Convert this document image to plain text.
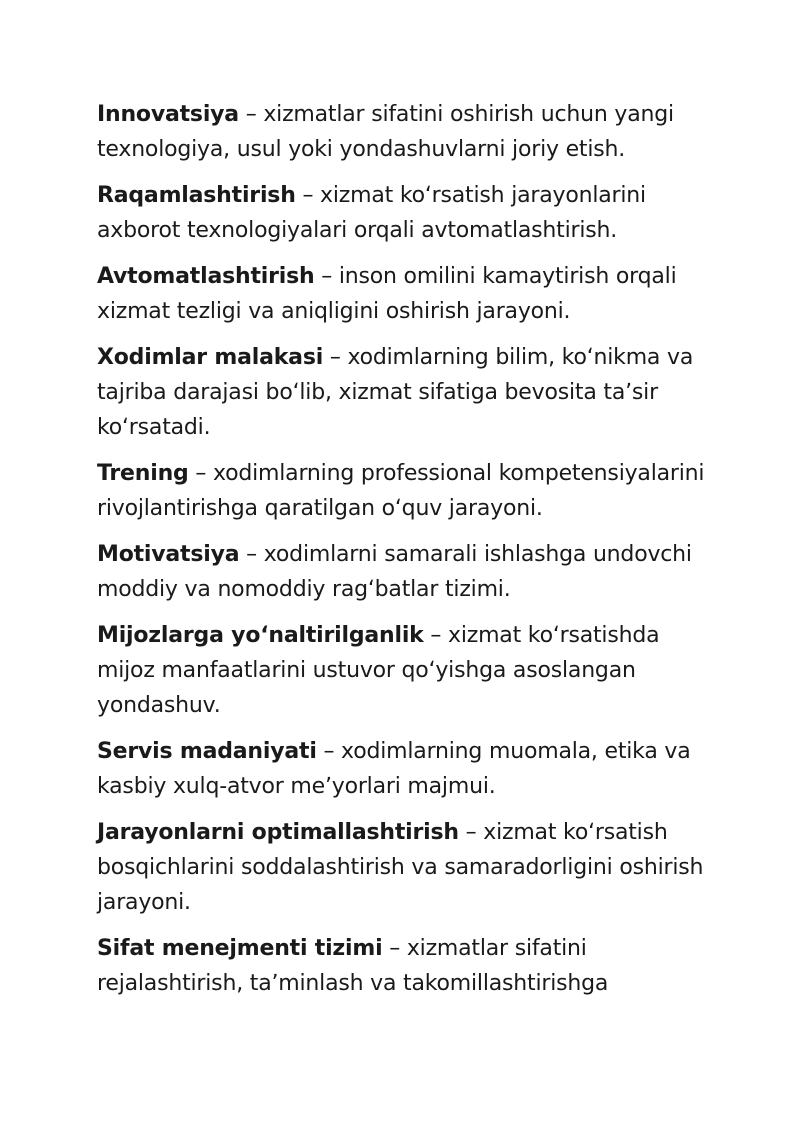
Innovatsiya – xizmatlar sifatini oshirish uchun yangi texnologiya, usul yoki yondashuvlarni joriy etish.

Raqamlashtirish – xizmat koʻrsatish jarayonlarini axborot texnologiyalari orqali avtomatlashtirish.

Avtomatlashtirish – inson omilini kamaytirish orqali xizmat tezligi va aniqligini oshirish jarayoni.

Xodimlar malakasi – xodimlarning bilim, koʻnikma va tajriba darajasi boʻlib, xizmat sifatiga bevosita taʼsir koʻrsatadi.

Trening – xodimlarning professional kompetensiyalarini rivojlantirishga qaratilgan oʻquv jarayoni.

Motivatsiya – xodimlarni samarali ishlashga undovchi moddiy va nomoddiy ragʻbatlar tizimi.

Mijozlarga yoʻnaltirilganlik – xizmat koʻrsatishda mijoz manfaatlarini ustuvor qoʻyishga asoslangan yondashuv.

Servis madaniyati – xodimlarning muomala, etika va kasbiy xulq-atvor meʼyorlari majmui.

Jarayonlarni optimallashtirish – xizmat koʻrsatish bosqichlarini soddalashtirish va samaradorligini oshirish jarayoni.

Sifat menejmenti tizimi – xizmatlar sifatini rejalashtirish, taʼminlash va takomillashtirishga
